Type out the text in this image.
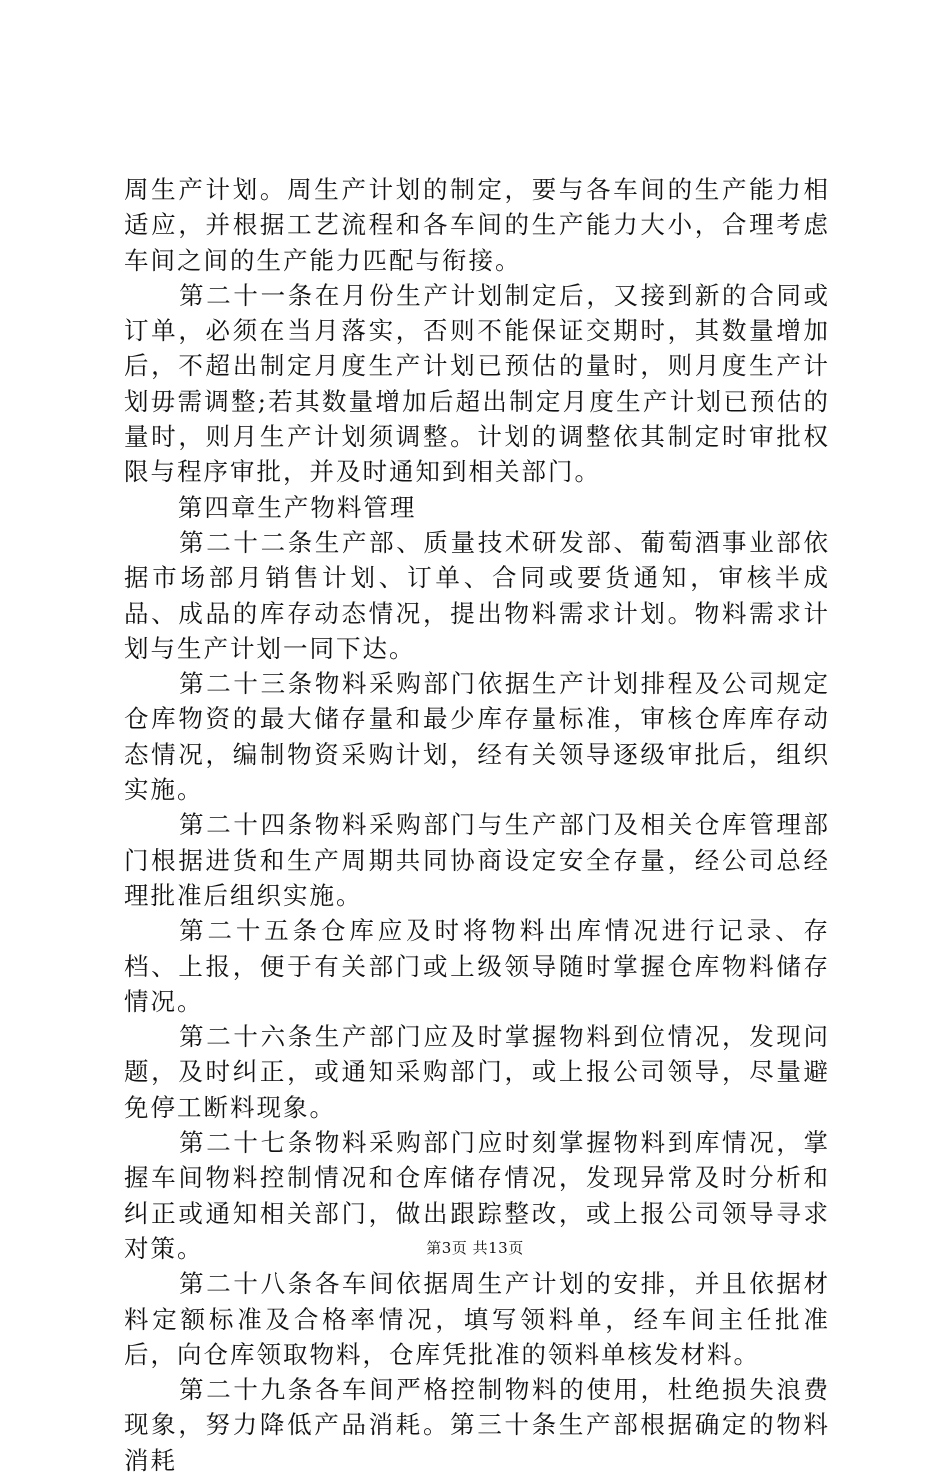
周生产计划。周生产计划的制定，要与各车间的生产能力相适应，并根据工艺流程和各车间的生产能力大小，合理考虑车间之间的生产能力匹配与衔接。

第二十一条在月份生产计划制定后，又接到新的合同或订单，必须在当月落实，否则不能保证交期时，其数量增加后，不超出制定月度生产计划已预估的量时，则月度生产计划毋需调整;若其数量增加后超出制定月度生产计划已预估的量时，则月生产计划须调整。计划的调整依其制定时审批权限与程序审批，并及时通知到相关部门。

第四章生产物料管理

第二十二条生产部、质量技术研发部、葡萄酒事业部依据市场部月销售计划、订单、合同或要货通知，审核半成品、成品的库存动态情况，提出物料需求计划。物料需求计划与生产计划一同下达。

第二十三条物料采购部门依据生产计划排程及公司规定仓库物资的最大储存量和最少库存量标准，审核仓库库存动态情况，编制物资采购计划，经有关领导逐级审批后，组织实施。

第二十四条物料采购部门与生产部门及相关仓库管理部门根据进货和生产周期共同协商设定安全存量，经公司总经理批准后组织实施。

第二十五条仓库应及时将物料出库情况进行记录、存档、上报，便于有关部门或上级领导随时掌握仓库物料储存情况。

第二十六条生产部门应及时掌握物料到位情况，发现问题，及时纠正，或通知采购部门，或上报公司领导，尽量避免停工断料现象。

第二十七条物料采购部门应时刻掌握物料到库情况，掌握车间物料控制情况和仓库储存情况，发现异常及时分析和纠正或通知相关部门，做出跟踪整改，或上报公司领导寻求对策。

第二十八条各车间依据周生产计划的安排，并且依据材料定额标准及合格率情况，填写领料单，经车间主任批准后，向仓库领取物料，仓库凭批准的领料单核发材料。

第二十九条各车间严格控制物料的使用，杜绝损失浪费现象，努力降低产品消耗。第三十条生产部根据确定的物料消耗

第3页 共13页
